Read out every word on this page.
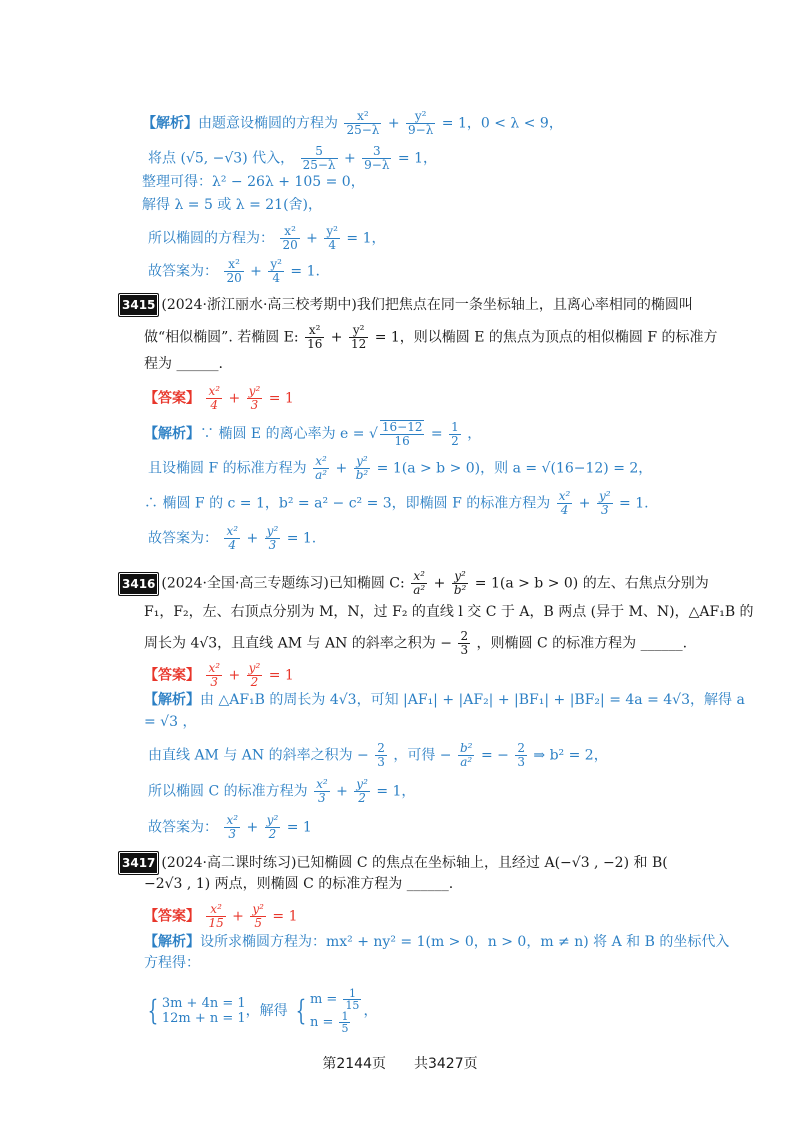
【解析】由题意设椭圆的方程为 $\frac{\text{x²}}{25-\lambda} + \frac{\text{y²}}{9-\lambda} = 1$，0 < λ < 9，
将点 (√5, −√3) 代入， $\frac{5}{25-\lambda} + \frac{3}{9-\lambda} = 1$，
整理可得：λ² − 26λ + 105 = 0，
解得 λ = 5 或 λ = 21(舍)，
所以椭圆的方程为： $\frac{\text{x²}}{20} + \frac{\text{y²}}{4} = 1$，
故答案为： $\frac{\text{x²}}{20} + \frac{\text{y²}}{4} = 1$.
3415 (2024·浙江丽水·高三校考期中)我们把焦点在同一条坐标轴上，且离心率相同的椭圆叫
做“相似椭圆”. 若椭圆 E: $\frac{\text{x²}}{16} + \frac{\text{y²}}{12} = 1$，则以椭圆 E 的焦点为顶点的相似椭圆 F 的标准方
程为 ______.
【答案】 $\frac{\text{x²}}{4} + \frac{\text{y²}}{3} = 1$
【解析】∵ 椭圆 E 的离心率为 e = √ $\frac{16-12}{16} = \frac{1}{2}$ ，
且设椭圆 F 的标准方程为 $\frac{\text{x²}}{\text{a²}} + \frac{\text{y²}}{\text{b²}} = 1(a > b > 0)$，则 a = √(16−12) = 2，
∴ 椭圆 F 的 c = 1，b² = a² − c² = 3，即椭圆 F 的标准方程为 $\frac{\text{x²}}{4} + \frac{\text{y²}}{3} = 1$.
故答案为： $\frac{\text{x²}}{4} + \frac{\text{y²}}{3} = 1$.
3416 (2024·全国·高三专题练习)已知椭圆 C: $\frac{\text{x²}}{\text{a²}} + \frac{\text{y²}}{\text{b²}} = 1(a > b > 0)$ 的左、右焦点分别为
F₁，F₂，左、右顶点分别为 M，N，过 F₂ 的直线 l 交 C 于 A，B 两点 (异于 M、N)，△AF₁B 的
周长为 4√3，且直线 AM 与 AN 的斜率之积为 − $\frac{2}{3}$ ，则椭圆 C 的标准方程为 ______.
【答案】 $\frac{\text{x²}}{3} + \frac{\text{y²}}{2} = 1$
【解析】由 △AF₁B 的周长为 4√3，可知 |AF₁| + |AF₂| + |BF₁| + |BF₂| = 4a = 4√3，解得 a
= √3 ，
由直线 AM 与 AN 的斜率之积为 − $\frac{2}{3}$ ，可得 − $\frac{\text{b²}}{\text{a²}}$ = − $\frac{2}{3}$ ⇒ b² = 2，
所以椭圆 C 的标准方程为 $\frac{\text{x²}}{3} + \frac{\text{y²}}{2} = 1$，
故答案为： $\frac{\text{x²}}{3} + \frac{\text{y²}}{2} = 1$
3417 (2024·高二课时练习)已知椭圆 C 的焦点在坐标轴上，且经过 A(−√3 , −2) 和 B(
−2√3 , 1) 两点，则椭圆 C 的标准方程为 ______.
【答案】 $\frac{\text{x²}}{15} + \frac{\text{y²}}{5} = 1$
【解析】设所求椭圆方程为：mx² + ny² = 1(m > 0，n > 0，m ≠ n) 将 A 和 B 的坐标代入
方程得：
{ 3m + 4n = 1
12m + n = 1 ，解得 { $m = \frac{1}{15}$
$n = \frac{1}{5}$ ，
第2144页　　共3427页
